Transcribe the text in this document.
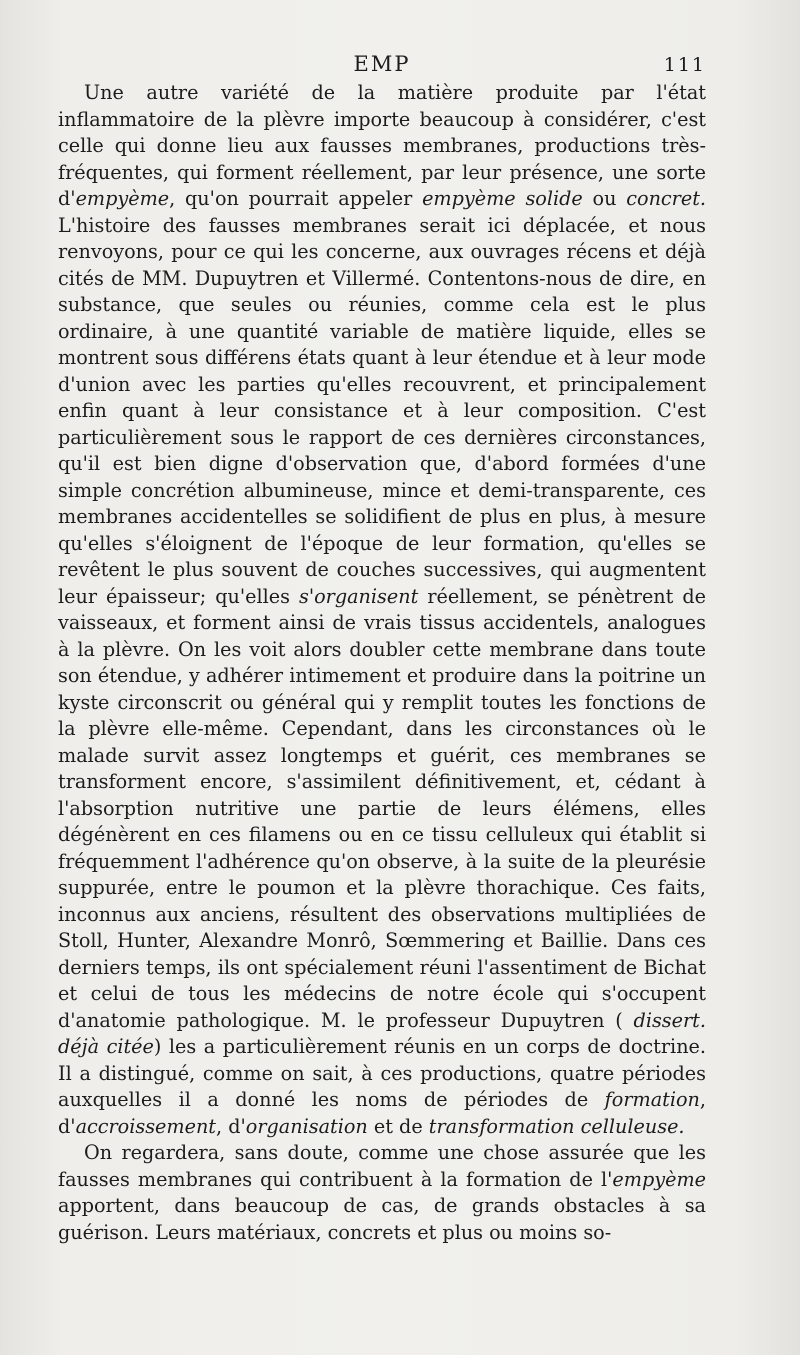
EMP	111

Une autre variété de la matière produite par l'état inflammatoire de la plèvre importe beaucoup à considérer, c'est celle qui donne lieu aux fausses membranes, productions très-fréquentes, qui forment réellement, par leur présence, une sorte d'empyème, qu'on pourrait appeler empyème solide ou concret. L'histoire des fausses membranes serait ici déplacée, et nous renvoyons, pour ce qui les concerne, aux ouvrages récens et déjà cités de MM. Dupuytren et Villermé. Contentons-nous de dire, en substance, que seules ou réunies, comme cela est le plus ordinaire, à une quantité variable de matière liquide, elles se montrent sous différens états quant à leur étendue et à leur mode d'union avec les parties qu'elles recouvrent, et principalement enfin quant à leur consistance et à leur composition. C'est particulièrement sous le rapport de ces dernières circonstances, qu'il est bien digne d'observation que, d'abord formées d'une simple concrétion albumineuse, mince et demi-transparente, ces membranes accidentelles se solidifient de plus en plus, à mesure qu'elles s'éloignent de l'époque de leur formation, qu'elles se revêtent le plus souvent de couches successives, qui augmentent leur épaisseur; qu'elles s'organisent réellement, se pénètrent de vaisseaux, et forment ainsi de vrais tissus accidentels, analogues à la plèvre. On les voit alors doubler cette membrane dans toute son étendue, y adhérer intimement et produire dans la poitrine un kyste circonscrit ou général qui y remplit toutes les fonctions de la plèvre elle-même. Cependant, dans les circonstances où le malade survit assez longtemps et guérit, ces membranes se transforment encore, s'assimilent définitivement, et, cédant à l'absorption nutritive une partie de leurs élémens, elles dégénèrent en ces filamens ou en ce tissu celluleux qui établit si fréquemment l'adhérence qu'on observe, à la suite de la pleurésie suppurée, entre le poumon et la plèvre thorachique. Ces faits, inconnus aux anciens, résultent des observations multipliées de Stoll, Hunter, Alexandre Monrô, Sœmmering et Baillie. Dans ces derniers temps, ils ont spécialement réuni l'assentiment de Bichat et celui de tous les médecins de notre école qui s'occupent d'anatomie pathologique. M. le professeur Dupuytren ( dissert. déjà citée) les a particulièrement réunis en un corps de doctrine. Il a distingué, comme on sait, à ces productions, quatre périodes auxquelles il a donné les noms de périodes de formation, d'accroissement, d'organisation et de transformation celluleuse.

On regardera, sans doute, comme une chose assurée que les fausses membranes qui contribuent à la formation de l'empyème apportent, dans beaucoup de cas, de grands obstacles à sa guérison. Leurs matériaux, concrets et plus ou moins so-
